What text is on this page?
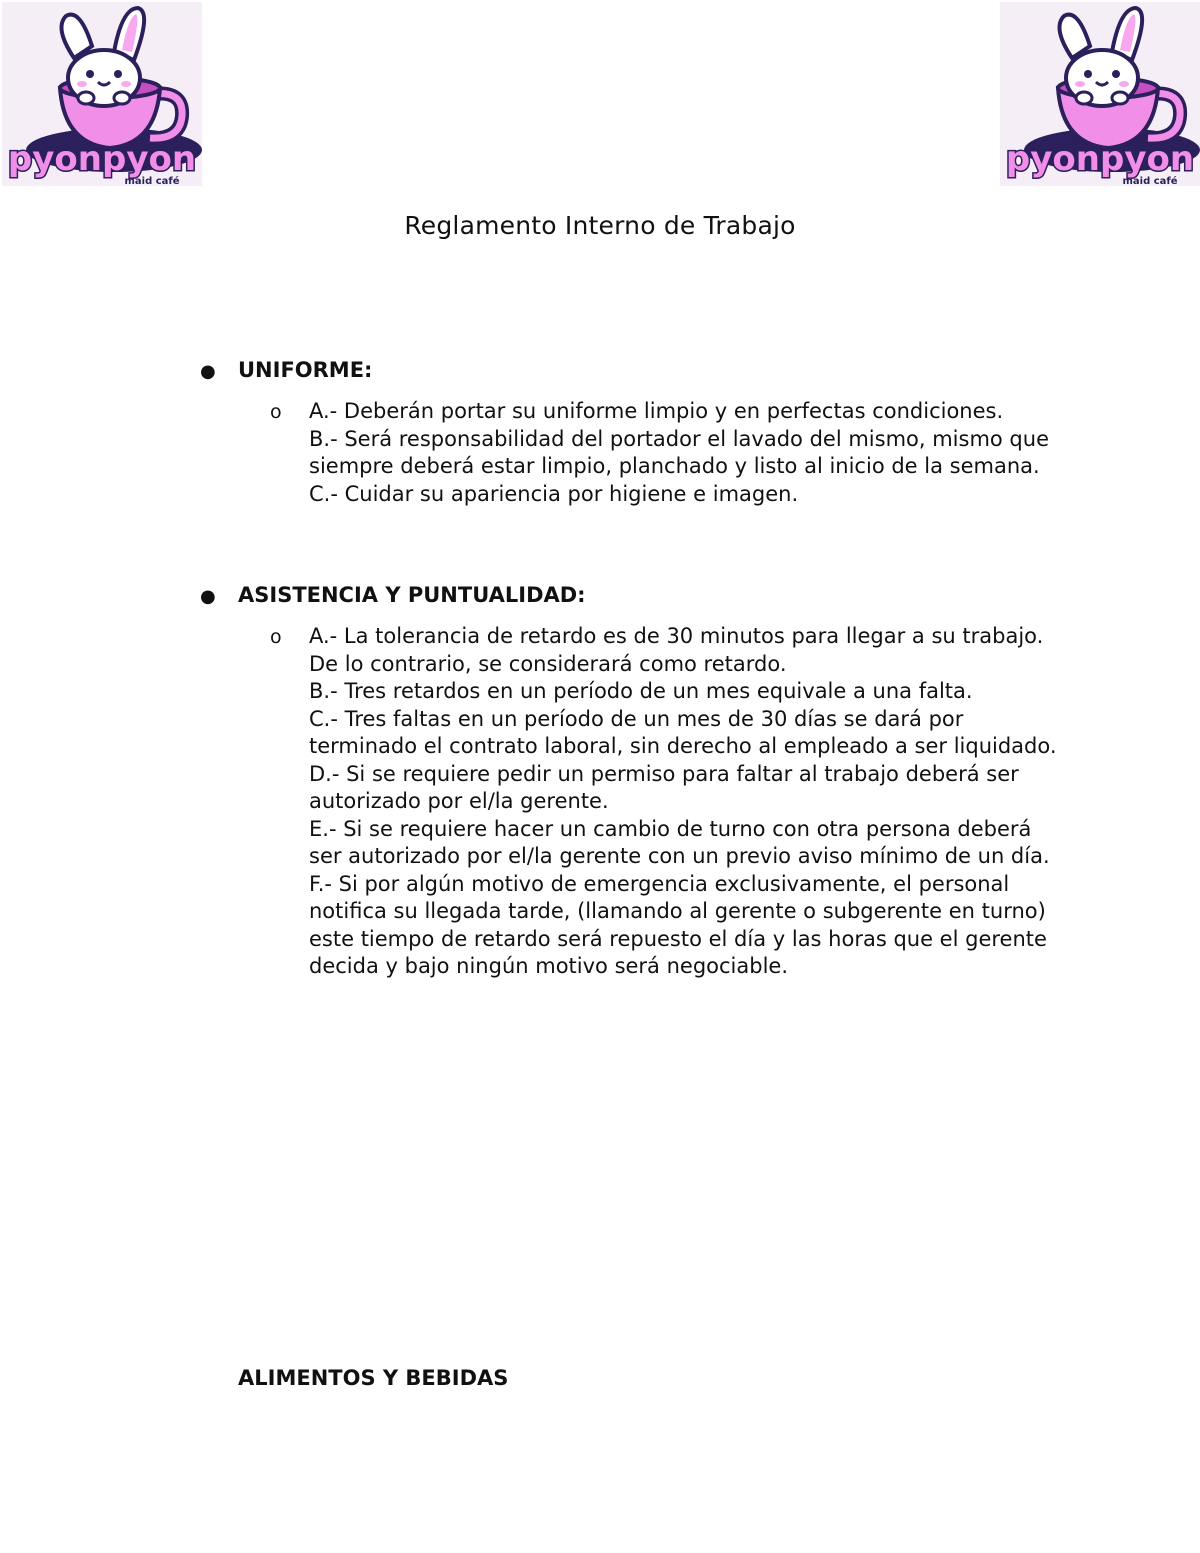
pyonpyon
maid café
pyonpyon
maid café
Reglamento Interno de Trabajo
● UNIFORME:
o A.- Deberán portar su uniforme limpio y en perfectas condiciones.

B.- Será responsabilidad del portador el lavado del mismo, mismo que siempre deberá estar limpio, planchado y listo al inicio de la semana.

C.- Cuidar su apariencia por higiene e imagen.

● ASISTENCIA Y PUNTUALIDAD:
o A.- La tolerancia de retardo es de 30 minutos para llegar a su trabajo. De lo contrario, se considerará como retardo.

B.- Tres retardos en un período de un mes equivale a una falta.

C.- Tres faltas en un período de un mes de 30 días se dará por terminado el contrato laboral, sin derecho al empleado a ser liquidado.

D.- Si se requiere pedir un permiso para faltar al trabajo deberá ser autorizado por el/la gerente.

E.- Si se requiere hacer un cambio de turno con otra persona deberá ser autorizado por el/la gerente con un previo aviso mínimo de un día.

F.- Si por algún motivo de emergencia exclusivamente, el personal notifica su llegada tarde, (llamando al gerente o subgerente en turno) este tiempo de retardo será repuesto el día y las horas que el gerente decida y bajo ningún motivo será negociable.

ALIMENTOS Y BEBIDAS
